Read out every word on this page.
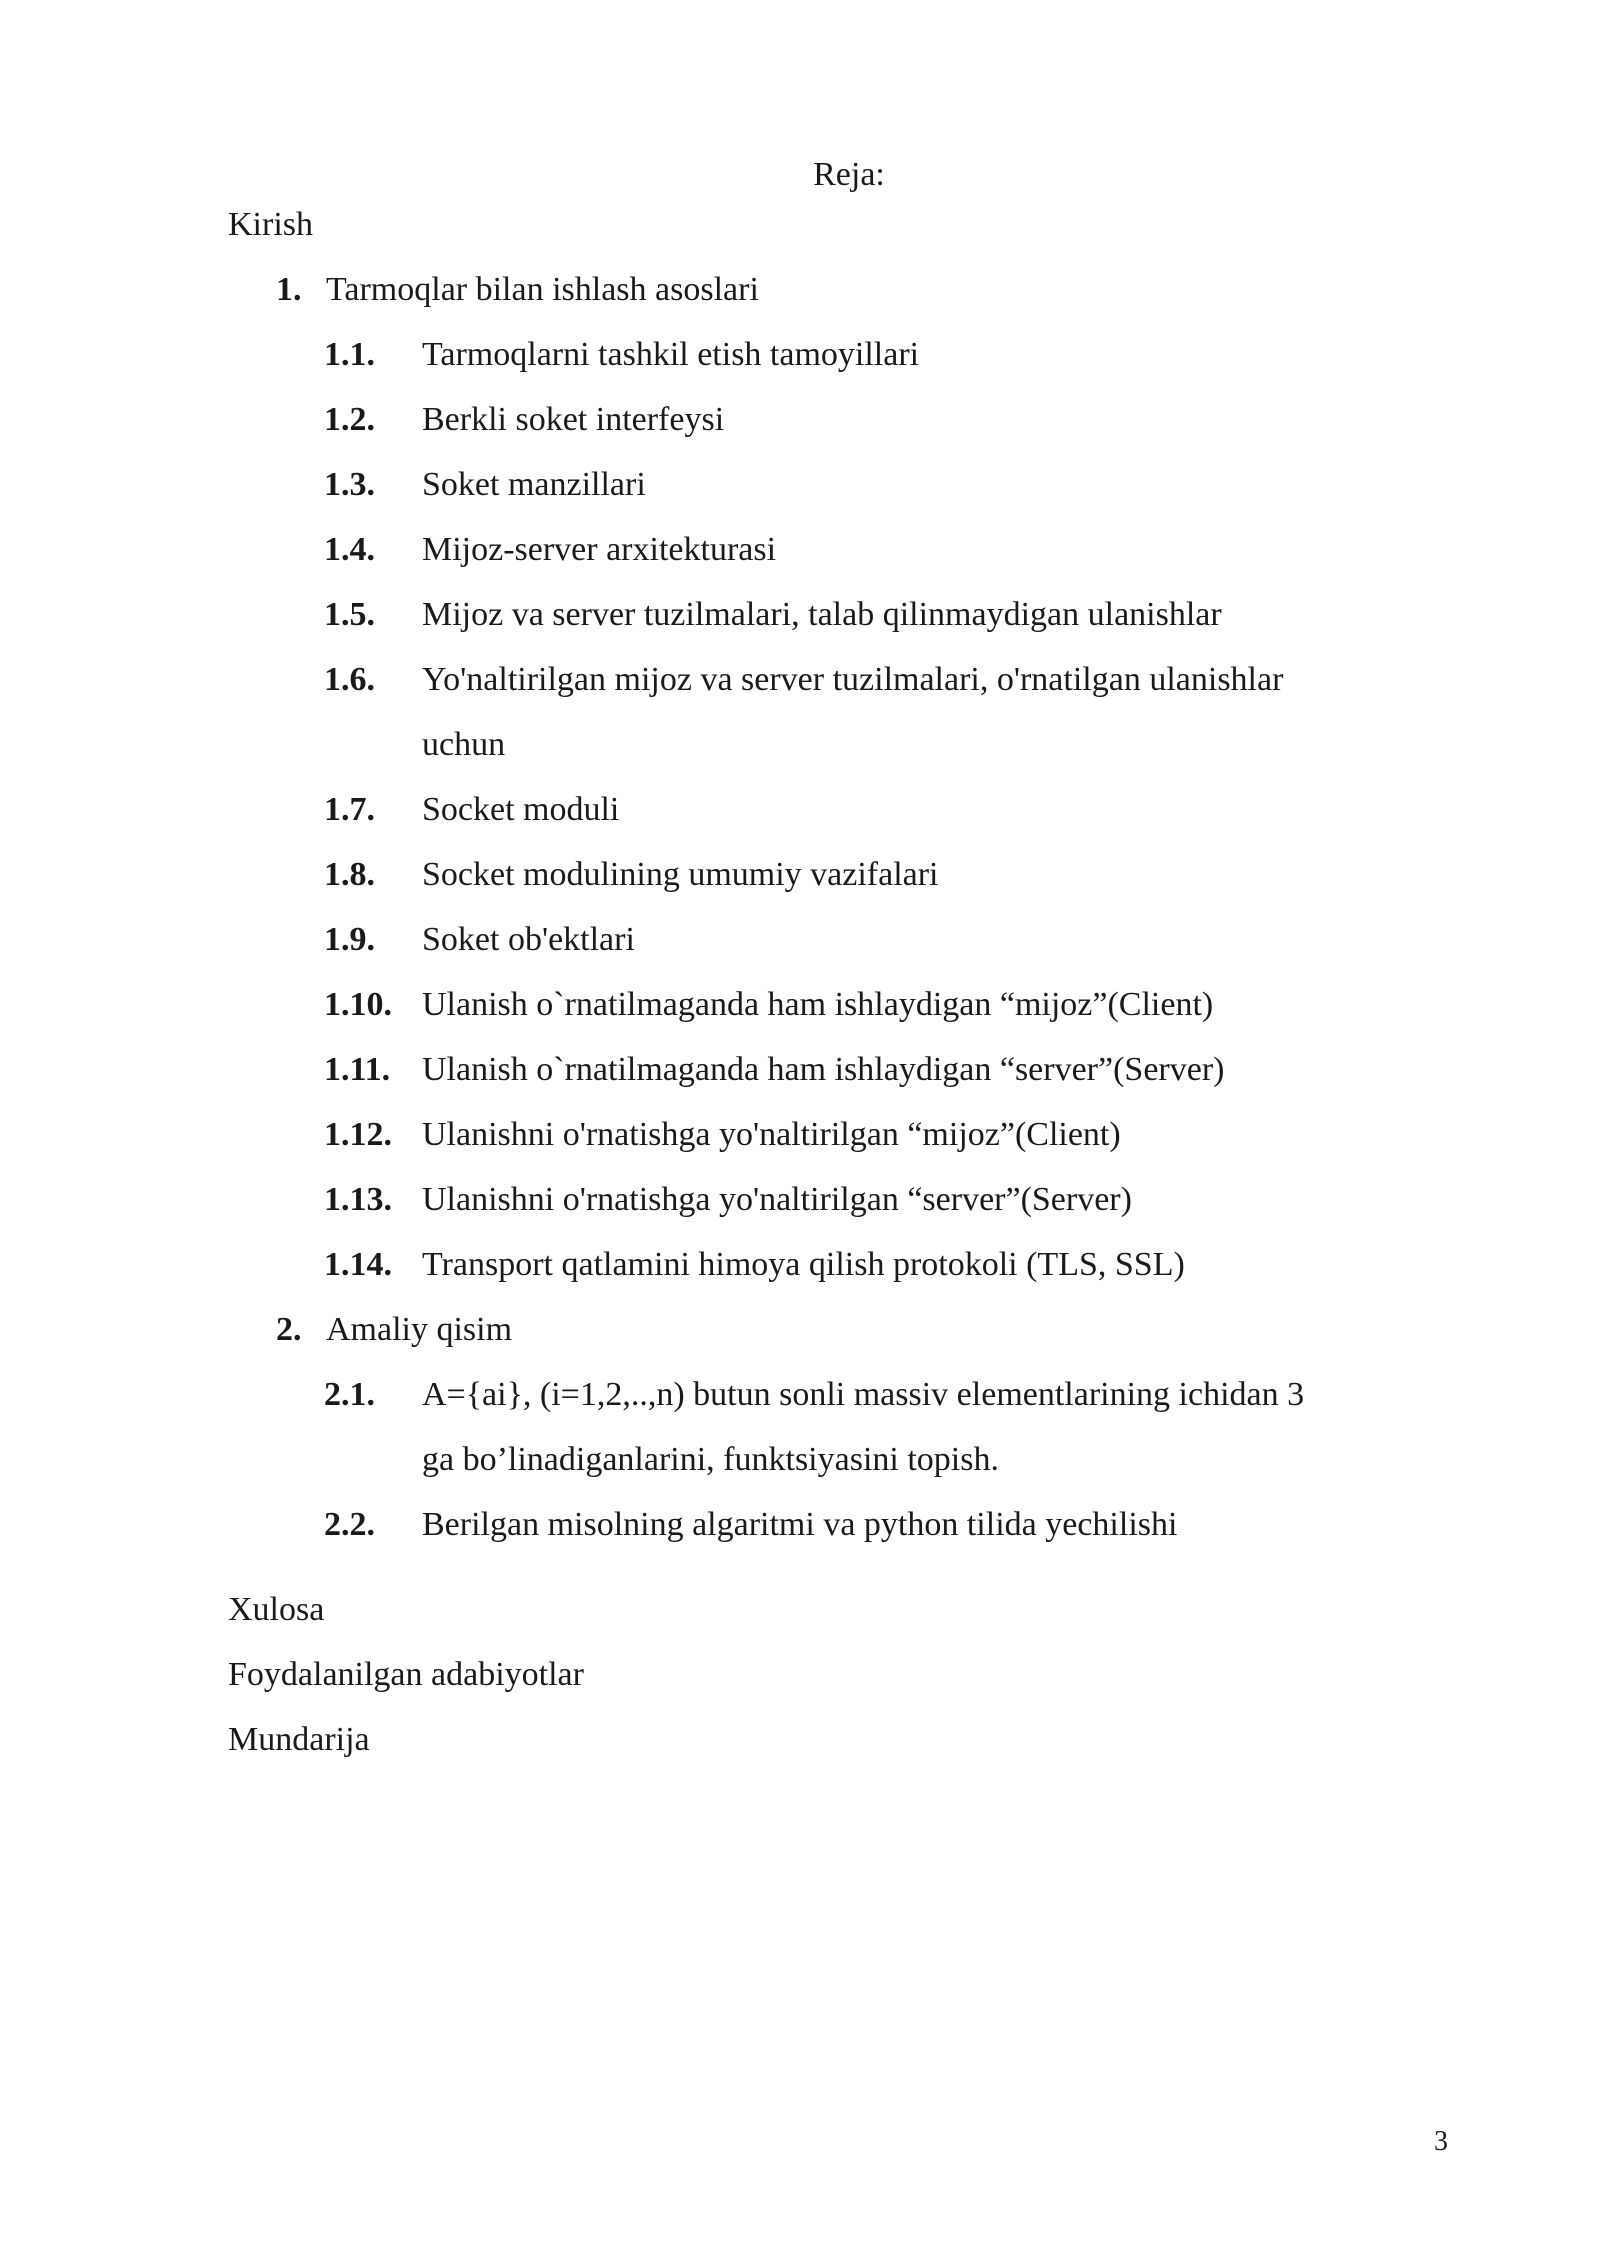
Reja:
Kirish
1. Tarmoqlar bilan ishlash asoslari
1.1. Tarmoqlarni tashkil etish tamoyillari
1.2. Berkli soket interfeysi
1.3. Soket manzillari
1.4. Mijoz-server arxitekturasi
1.5. Mijoz va server tuzilmalari, talab qilinmaydigan ulanishlar
1.6. Yo'naltirilgan mijoz va server tuzilmalari, o'rnatilgan ulanishlar
uchun
1.7. Socket moduli
1.8. Socket modulining umumiy vazifalari
1.9. Soket ob'ektlari
1.10. Ulanish o`rnatilmaganda ham ishlaydigan “mijoz”(Client)
1.11. Ulanish o`rnatilmaganda ham ishlaydigan “server”(Server)
1.12. Ulanishni o'rnatishga yo'naltirilgan “mijoz”(Client)
1.13. Ulanishni o'rnatishga yo'naltirilgan “server”(Server)
1.14. Transport qatlamini himoya qilish protokoli (TLS, SSL)
2. Amaliy qisim
2.1. A={ai}, (i=1,2,..,n) butun sonli massiv elementlarining ichidan 3
ga bo’linadiganlarini, funktsiyasini topish.
2.2. Berilgan misolning algaritmi va python tilida yechilishi
Xulosa
Foydalanilgan adabiyotlar
Mundarija
3
